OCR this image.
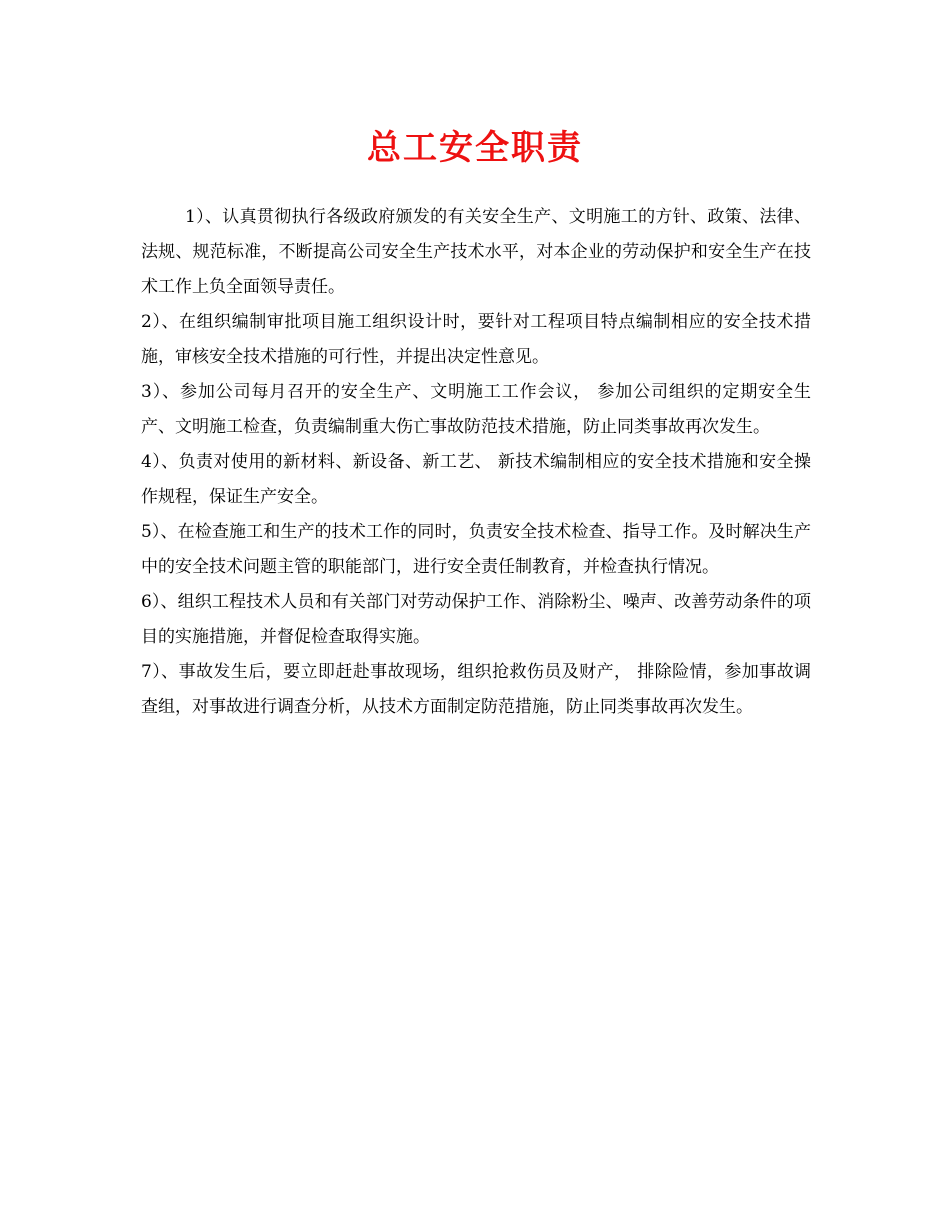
总工安全职责

1）、认真贯彻执行各级政府颁发的有关安全生产、文明施工的方针、政策、法律、 法规、规范标准，不断提高公司安全生产技术水平，对本企业的劳动保护和安全生产在技术工作上负全面领导责任。

2）、在组织编制审批项目施工组织设计时，要针对工程项目特点编制相应的安全技术措施，审核安全技术措施的可行性，并提出决定性意见。

3）、参加公司每月召开的安全生产、文明施工工作会议， 参加公司组织的定期安全生产、文明施工检查，负责编制重大伤亡事故防范技术措施，防止同类事故再次发生。

4）、负责对使用的新材料、新设备、新工艺、 新技术编制相应的安全技术措施和安全操作规程，保证生产安全。

5）、在检查施工和生产的技术工作的同时，负责安全技术检查、指导工作。及时解决生产中的安全技术问题主管的职能部门，进行安全责任制教育，并检查执行情况。

6）、组织工程技术人员和有关部门对劳动保护工作、消除粉尘、噪声、改善劳动条件的项目的实施措施，并督促检查取得实施。

7）、事故发生后，要立即赶赴事故现场，组织抢救伤员及财产， 排除险情，参加事故调查组，对事故进行调查分析，从技术方面制定防范措施，防止同类事故再次发生。
